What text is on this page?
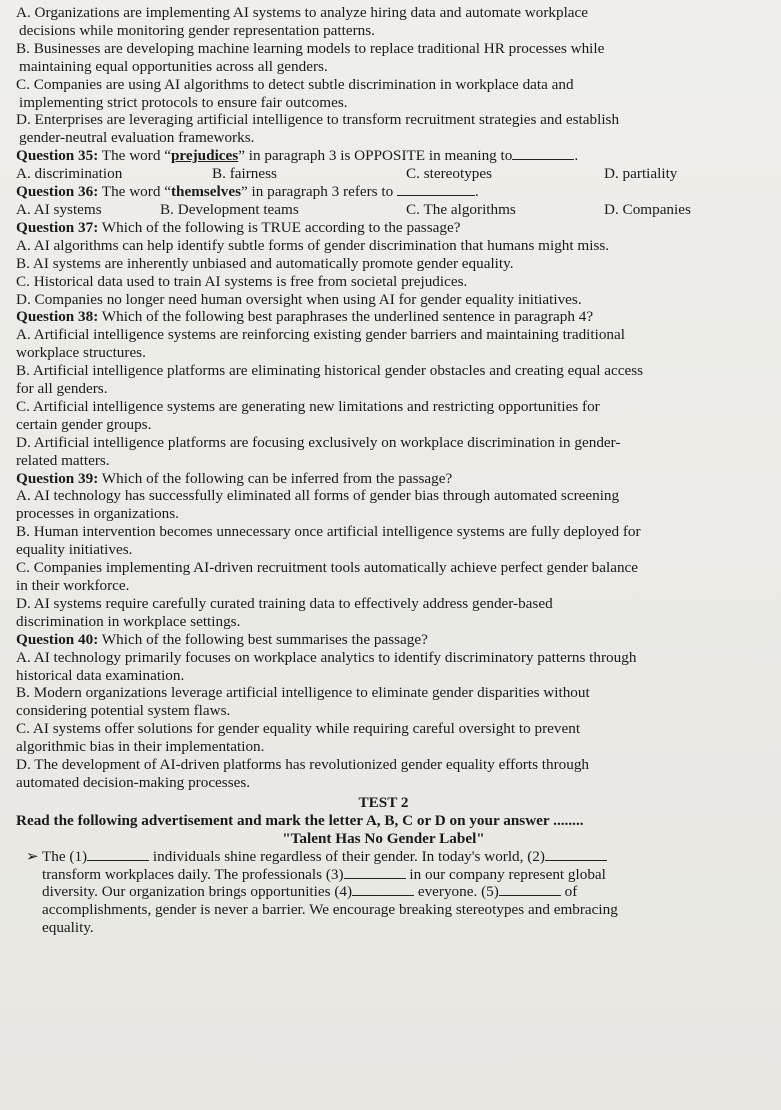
A. Organizations are implementing AI systems to analyze hiring data and automate workplace

decisions while monitoring gender representation patterns.

B. Businesses are developing machine learning models to replace traditional HR processes while

maintaining equal opportunities across all genders.

C. Companies are using AI algorithms to detect subtle discrimination in workplace data and

implementing strict protocols to ensure fair outcomes.

D. Enterprises are leveraging artificial intelligence to transform recruitment strategies and establish

gender-neutral evaluation frameworks.

Question 35: The word “prejudices” in paragraph 3 is OPPOSITE in meaning to	.

A. discrimination	B. fairness	C. stereotypes	D. partiality

Question 36: The word “themselves” in paragraph 3 refers to	.

A. AI systems	B. Development teams	C. The algorithms	D. Companies

Question 37: Which of the following is TRUE according to the passage?

A. AI algorithms can help identify subtle forms of gender discrimination that humans might miss.

B. AI systems are inherently unbiased and automatically promote gender equality.

C. Historical data used to train AI systems is free from societal prejudices.

D. Companies no longer need human oversight when using AI for gender equality initiatives.

Question 38: Which of the following best paraphrases the underlined sentence in paragraph 4?

A. Artificial intelligence systems are reinforcing existing gender barriers and maintaining traditional

workplace structures.

B. Artificial intelligence platforms are eliminating historical gender obstacles and creating equal access

for all genders.

C. Artificial intelligence systems are generating new limitations and restricting opportunities for

certain gender groups.

D. Artificial intelligence platforms are focusing exclusively on workplace discrimination in gender-

related matters.

Question 39: Which of the following can be inferred from the passage?

A. AI technology has successfully eliminated all forms of gender bias through automated screening

processes in organizations.

B. Human intervention becomes unnecessary once artificial intelligence systems are fully deployed for

equality initiatives.

C. Companies implementing AI-driven recruitment tools automatically achieve perfect gender balance

in their workforce.

D. AI systems require carefully curated training data to effectively address gender-based

discrimination in workplace settings.

Question 40: Which of the following best summarises the passage?

A. AI technology primarily focuses on workplace analytics to identify discriminatory patterns through

historical data examination.

B. Modern organizations leverage artificial intelligence to eliminate gender disparities without

considering potential system flaws.

C. AI systems offer solutions for gender equality while requiring careful oversight to prevent

algorithmic bias in their implementation.

D. The development of AI-driven platforms has revolutionized gender equality efforts through

automated decision-making processes.

TEST 2

Read the following advertisement and mark the letter A, B, C or D on your answer ........

"Talent Has No Gender Label"

➢ The (1)	individuals shine regardless of their gender. In today's world, (2)

transform workplaces daily. The professionals (3)	in our company represent global

diversity. Our organization brings opportunities (4)	everyone. (5)	of

accomplishments, gender is never a barrier. We encourage breaking stereotypes and embracing

equality.
